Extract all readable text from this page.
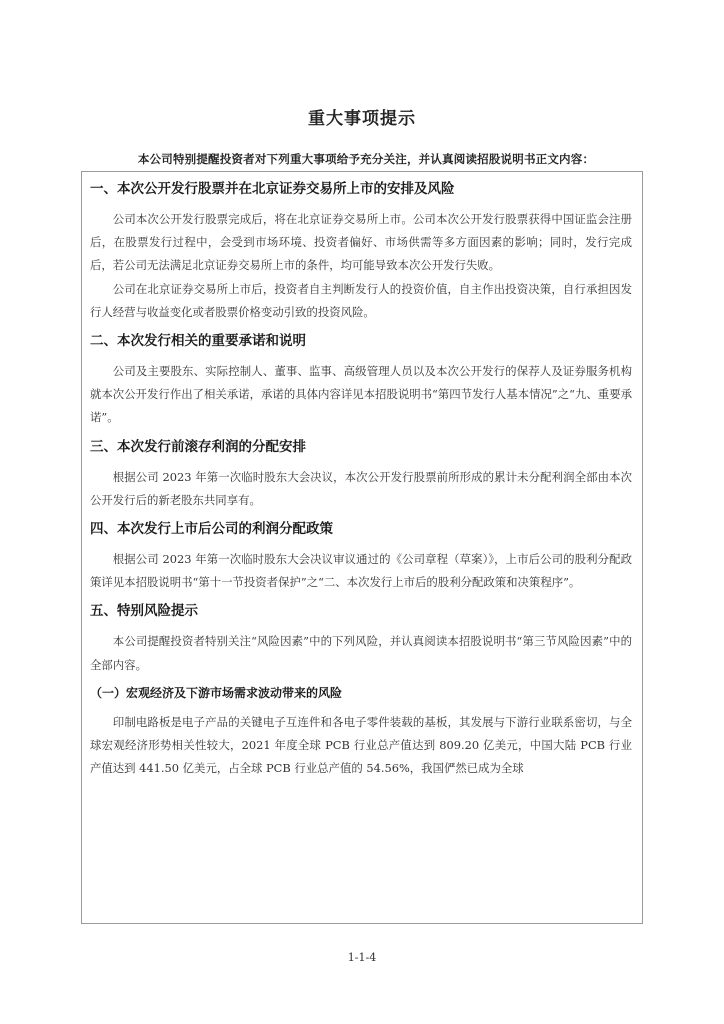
重大事项提示

本公司特别提醒投资者对下列重大事项给予充分关注，并认真阅读招股说明书正文内容：

一、本次公开发行股票并在北京证券交易所上市的安排及风险

公司本次公开发行股票完成后，将在北京证券交易所上市。公司本次公开发行股票获得中国证监会注册后，在股票发行过程中，会受到市场环境、投资者偏好、市场供需等多方面因素的影响；同时，发行完成后，若公司无法满足北京证券交易所上市的条件，均可能导致本次公开发行失败。

公司在北京证券交易所上市后，投资者自主判断发行人的投资价值，自主作出投资决策，自行承担因发行人经营与收益变化或者股票价格变动引致的投资风险。

二、本次发行相关的重要承诺和说明

公司及主要股东、实际控制人、董事、监事、高级管理人员以及本次公开发行的保荐人及证券服务机构就本次公开发行作出了相关承诺，承诺的具体内容详见本招股说明书“第四节发行人基本情况”之“九、重要承诺”。

三、本次发行前滚存利润的分配安排

根据公司 2023 年第一次临时股东大会决议，本次公开发行股票前所形成的累计未分配利润全部由本次公开发行后的新老股东共同享有。

四、本次发行上市后公司的利润分配政策

根据公司 2023 年第一次临时股东大会决议审议通过的《公司章程（草案）》，上市后公司的股利分配政策详见本招股说明书“第十一节投资者保护”之“二、本次发行上市后的股利分配政策和决策程序”。

五、特别风险提示

本公司提醒投资者特别关注“风险因素”中的下列风险，并认真阅读本招股说明书“第三节风险因素”中的全部内容。

（一）宏观经济及下游市场需求波动带来的风险

印制电路板是电子产品的关键电子互连件和各电子零件装载的基板，其发展与下游行业联系密切，与全球宏观经济形势相关性较大，2021 年度全球 PCB 行业总产值达到 809.20 亿美元，中国大陆 PCB 行业产值达到 441.50 亿美元，占全球 PCB 行业总产值的 54.56%，我国俨然已成为全球

1-1-4
